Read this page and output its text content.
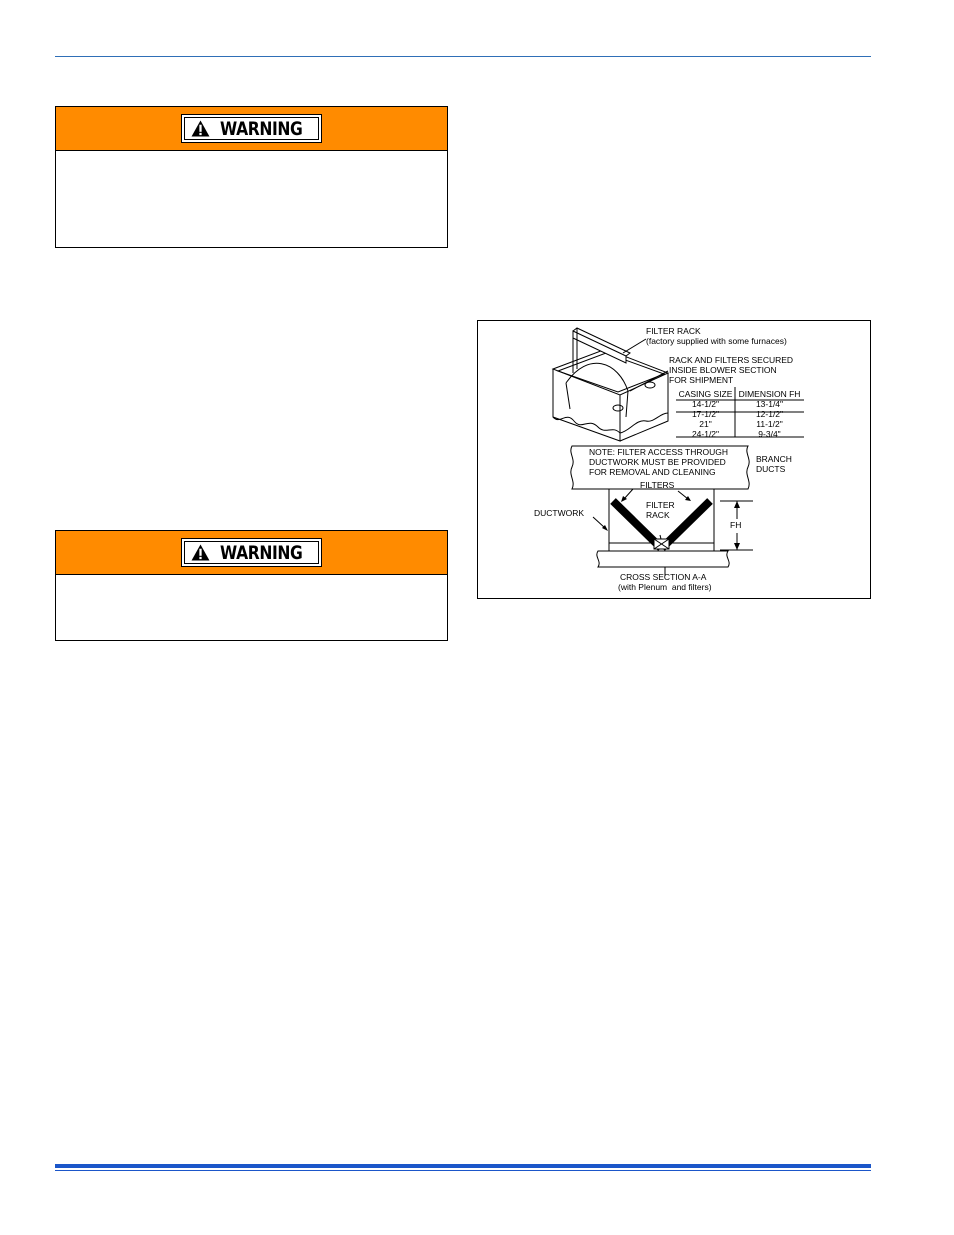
WARNING
WARNING
FILTER RACK
(factory supplied with some furnaces)
RACK AND FILTERS SECURED
INSIDE BLOWER SECTION
FOR SHIPMENT
CASING SIZE DIMENSION FH
14-1/2"	13-1/4"
17-1/2"	12-1/2"
21"	11-1/2"
24-1/2"	9-3/4"
NOTE: FILTER ACCESS THROUGH
DUCTWORK MUST BE PROVIDED
FOR REMOVAL AND CLEANING
BRANCH
DUCTS
FILTERS
FILTER
RACK
DUCTWORK
FH
CROSS SECTION A-A
(with Plenum  and filters)
